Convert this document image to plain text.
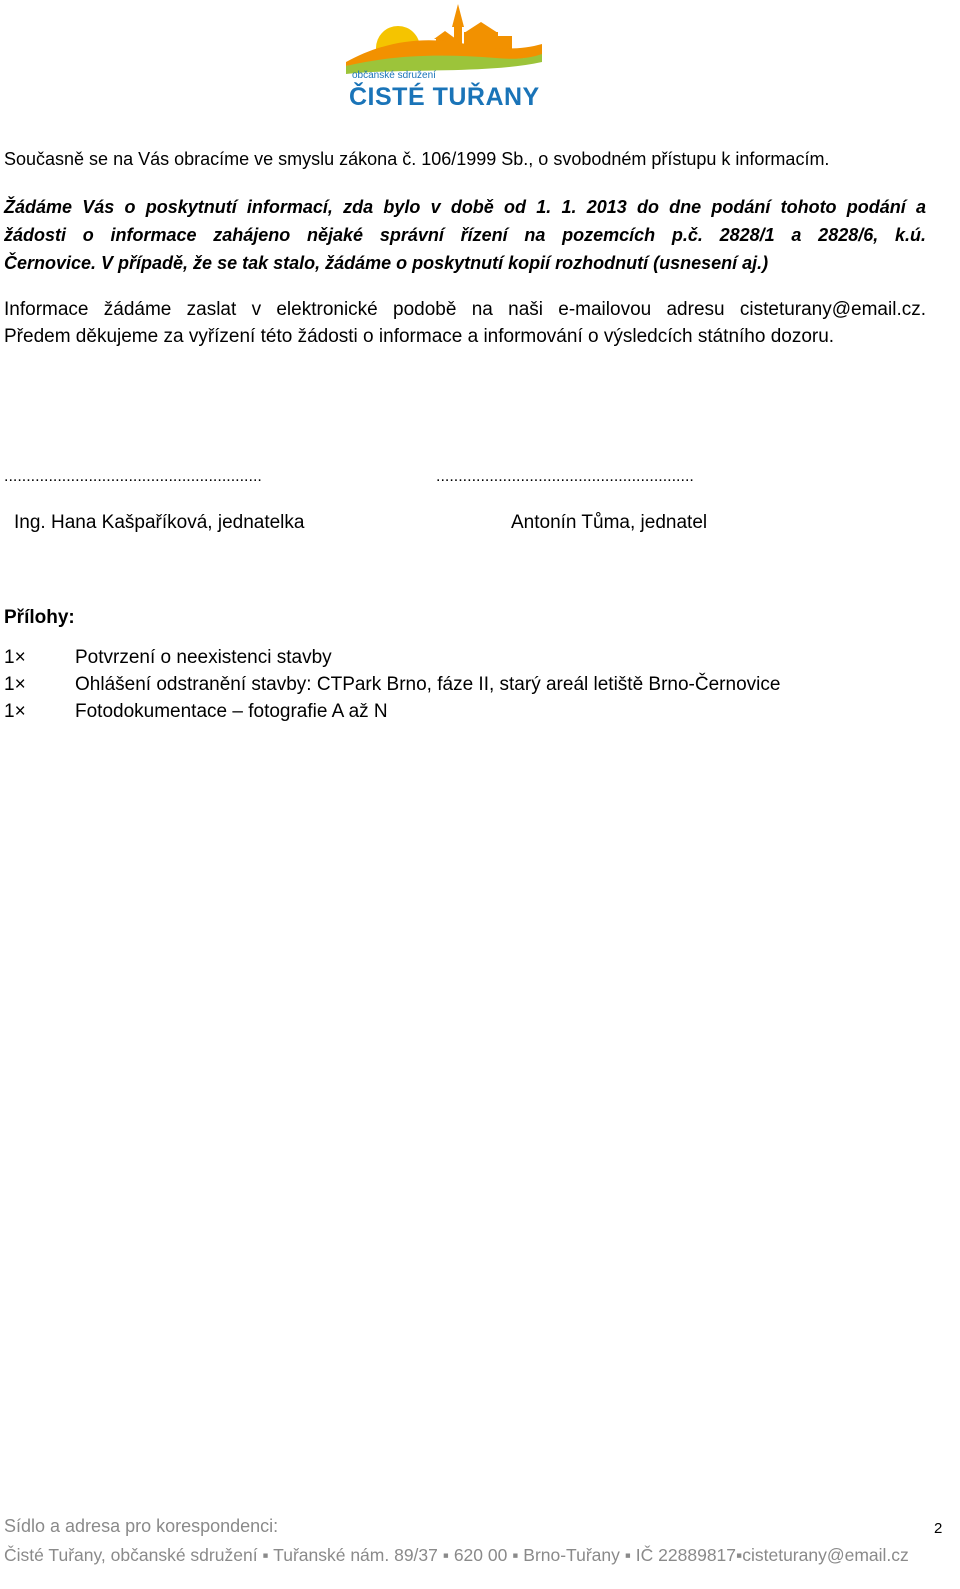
občanské sdružení
ČISTÉ TUŘANY
Současně se na Vás obracíme ve smyslu zákona č. 106/1999 Sb., o svobodném přístupu k informacím.
Žádáme Vás o poskytnutí informací, zda bylo v době od 1. 1. 2013 do dne podání tohoto podání a
žádosti o informace zahájeno nějaké správní řízení na pozemcích p.č. 2828/1 a 2828/6, k.ú.
Černovice. V případě, že se tak stalo, žádáme o poskytnutí kopií rozhodnutí (usnesení aj.)
Informace žádáme zaslat v elektronické podobě na naši e-mailovou adresu cisteturany@email.cz.
Předem děkujeme za vyřízení této žádosti o informace a informování o výsledcích státního dozoru.
..........................................................	..........................................................
Ing. Hana Kašpaříková, jednatelka	Antonín Tůma, jednatel
Přílohy:
1×	Potvrzení o neexistenci stavby
1×	Ohlášení odstranění stavby: CTPark Brno, fáze II, starý areál letiště Brno-Černovice
1×	Fotodokumentace – fotografie A až N
Sídlo a adresa pro korespondenci:	2
Čisté Tuřany, občanské sdružení ▪ Tuřanské nám. 89/37 ▪ 620 00 ▪ Brno-Tuřany ▪ IČ 22889817▪cisteturany@email.cz
